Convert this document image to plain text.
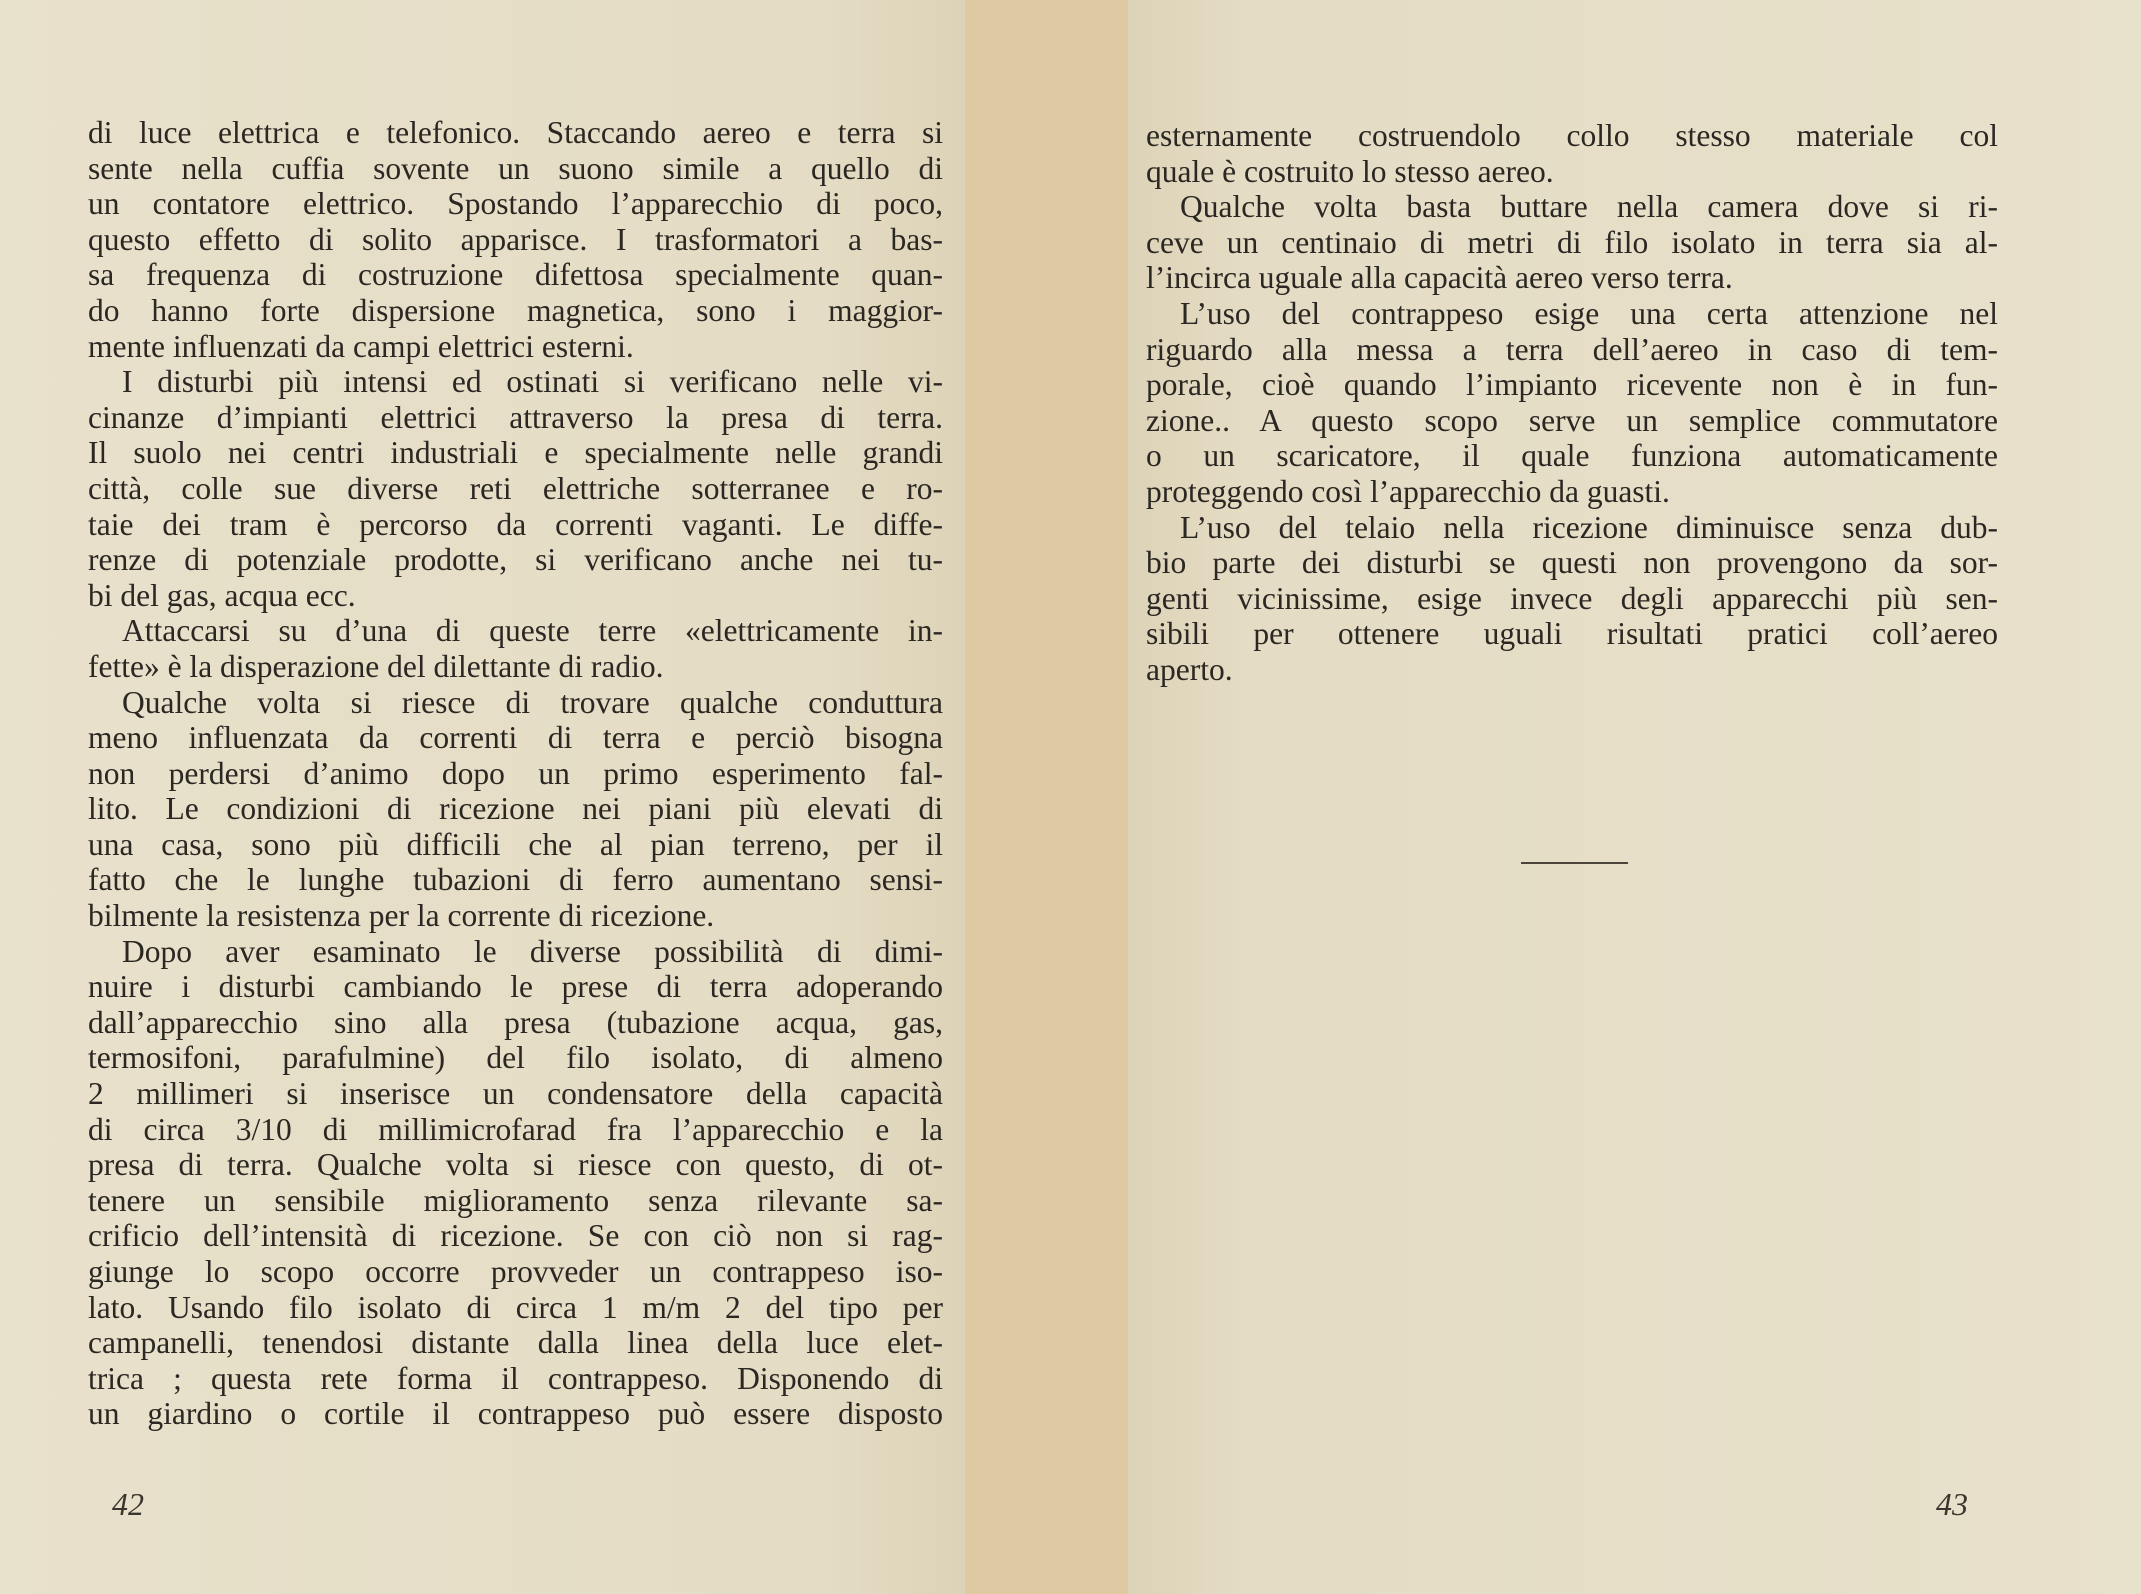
di luce elettrica e telefonico. Staccando aereo e terra si
sente nella cuffia sovente un suono simile a quello di
un contatore elettrico. Spostando l’apparecchio di poco,
questo effetto di solito apparisce. I trasformatori a bas-
sa frequenza di costruzione difettosa specialmente quan-
do hanno forte dispersione magnetica, sono i maggior-
mente influenzati da campi elettrici esterni.
I disturbi più intensi ed ostinati si verificano nelle vi-
cinanze d’impianti elettrici attraverso la presa di terra.
Il suolo nei centri industriali e specialmente nelle grandi
città, colle sue diverse reti elettriche sotterranee e ro-
taie dei tram è percorso da correnti vaganti. Le diffe-
renze di potenziale prodotte, si verificano anche nei tu-
bi del gas, acqua ecc.
Attaccarsi su d’una di queste terre «elettricamente in-
fette» è la disperazione del dilettante di radio.
Qualche volta si riesce di trovare qualche conduttura
meno influenzata da correnti di terra e perciò bisogna
non perdersi d’animo dopo un primo esperimento fal-
lito. Le condizioni di ricezione nei piani più elevati di
una casa, sono più difficili che al pian terreno, per il
fatto che le lunghe tubazioni di ferro aumentano sensi-
bilmente la resistenza per la corrente di ricezione.
Dopo aver esaminato le diverse possibilità di dimi-
nuire i disturbi cambiando le prese di terra adoperando
dall’apparecchio sino alla presa (tubazione acqua, gas,
termosifoni, parafulmine) del filo isolato, di almeno
2 millimeri si inserisce un condensatore della capacità
di circa 3/10 di millimicrofarad fra l’apparecchio e la
presa di terra. Qualche volta si riesce con questo, di ot-
tenere un sensibile miglioramento senza rilevante sa-
crificio dell’intensità di ricezione. Se con ciò non si rag-
giunge lo scopo occorre provveder un contrappeso iso-
lato. Usando filo isolato di circa 1 m/m 2 del tipo per
campanelli, tenendosi distante dalla linea della luce elet-
trica ; questa rete forma il contrappeso. Disponendo di
un giardino o cortile il contrappeso può essere disposto
42
esternamente costruendolo collo stesso materiale col
quale è costruito lo stesso aereo.
Qualche volta basta buttare nella camera dove si ri-
ceve un centinaio di metri di filo isolato in terra sia al-
l’incirca uguale alla capacità aereo verso terra.
L’uso del contrappeso esige una certa attenzione nel
riguardo alla messa a terra dell’aereo in caso di tem-
porale, cioè quando l’impianto ricevente non è in fun-
zione.. A questo scopo serve un semplice commutatore
o un scaricatore, il quale funziona automaticamente
proteggendo così l’apparecchio da guasti.
L’uso del telaio nella ricezione diminuisce senza dub-
bio parte dei disturbi se questi non provengono da sor-
genti vicinissime, esige invece degli apparecchi più sen-
sibili per ottenere uguali risultati pratici coll’aereo
aperto.
43
